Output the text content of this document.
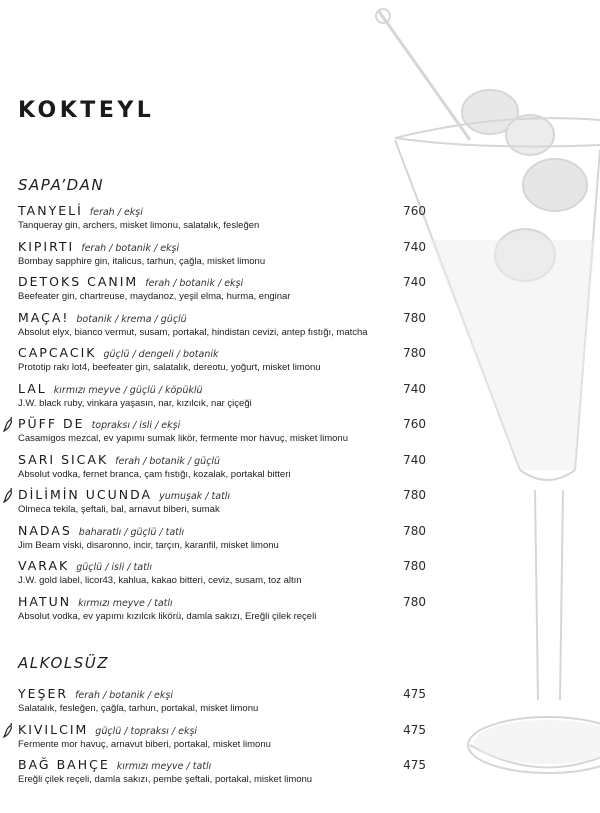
KOKTEYL
SAPA’DAN
TANYELİ ferah / ekşi	760
Tanqueray gin, archers, misket limonu, salatalık, fesleğen
KIPIRTI ferah / botanik / ekşi	740
Bombay sapphire gin, italicus, tarhun, çağla, misket limonu
DETOKS CANIM ferah / botanik / ekşi	740
Beefeater gin, chartreuse, maydanoz, yeşil elma, hurma, enginar
MAÇA! botanik / krema / güçlü	780
Absolut elyx, bianco vermut, susam, portakal, hindistan cevizi, antep fıstığı, matcha
CAPCACIK güçlü / dengeli / botanik	780
Prototip rakı lot4, beefeater gin, salatalık, dereotu, yoğurt, misket limonu
LAL kırmızı meyve / güçlü / köpüklü	740
J.W. black ruby, vinkara yaşasın, nar, kızılcık, nar çiçeği
PÜFF DE topraksı / isli / ekşi	760
Casamigos mezcal, ev yapımı sumak likör, fermente mor havuç, misket limonu
SARI SICAK ferah / botanik / güçlü	740
Absolut vodka, fernet branca, çam fıstığı, kozalak, portakal bitteri
DİLİMİN UCUNDA yumuşak / tatlı	780
Olmeca tekila, şeftali, bal, arnavut biberi, sumak
NADAS baharatlı / güçlü / tatlı	780
Jim Beam viski, disaronno, incir, tarçın, karanfil, misket limonu
VARAK güçlü / isli / tatlı	780
J.W. gold label, licor43, kahlua, kakao bitteri, ceviz, susam, toz altın
HATUN kırmızı meyve / tatlı	780
Absolut vodka, ev yapımı kızılcık likörü, damla sakızı, Ereğli çilek reçeli
ALKOLSÜZ
YEŞER ferah / botanik / ekşi	475
Salatalık, fesleğen, çağla, tarhun, portakal, misket limonu
KIVILCIM güçlü / topraksı / ekşi	475
Fermente mor havuç, arnavut biberi, portakal, misket limonu
BAĞ BAHÇE kırmızı meyve / tatlı	475
Ereğli çilek reçeli, damla sakızı, pembe şeftali, portakal, misket limonu
